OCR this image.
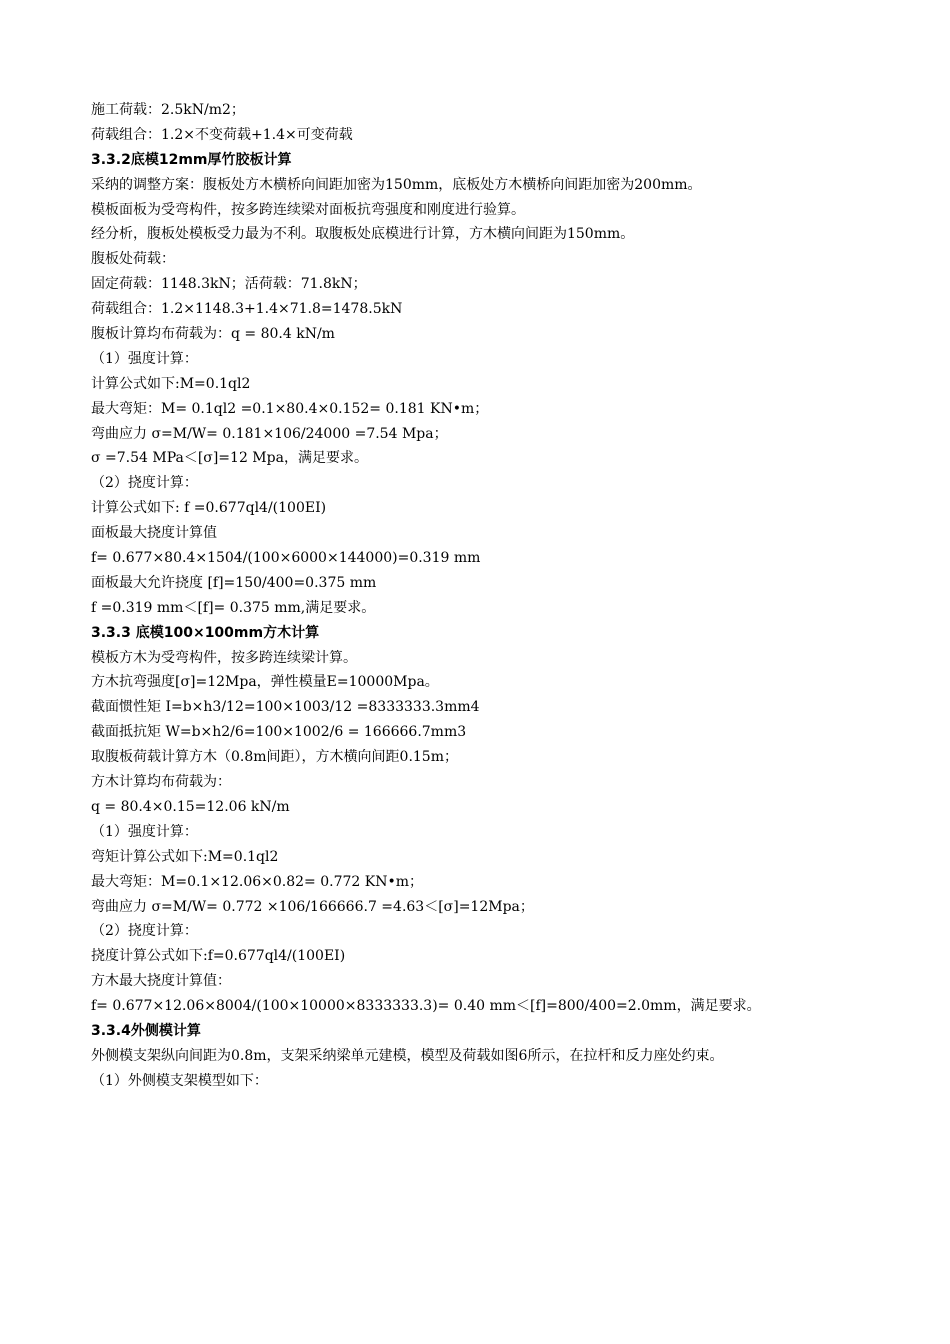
施工荷载：2.5kN/m2；
荷载组合：1.2×不变荷载+1.4×可变荷载
3.3.2底模12mm厚竹胶板计算
采纳的调整方案：腹板处方木横桥向间距加密为150mm，底板处方木横桥向间距加密为200mm。
模板面板为受弯构件，按多跨连续梁对面板抗弯强度和刚度进行验算。
经分析，腹板处模板受力最为不利。取腹板处底模进行计算，方木横向间距为150mm。
腹板处荷载：
固定荷载：1148.3kN；活荷载：71.8kN；
荷载组合：1.2×1148.3+1.4×71.8=1478.5kN
腹板计算均布荷载为：q = 80.4 kN/m
（1）强度计算：
计算公式如下:M=0.1ql2
最大弯矩：M= 0.1ql2 =0.1×80.4×0.152= 0.181 KN•m；
弯曲应力 σ=M/W= 0.181×106/24000 =7.54 Mpa；
σ =7.54 MPa＜[σ]=12 Mpa，满足要求。
（2）挠度计算：
计算公式如下: f =0.677ql4/(100EI)
面板最大挠度计算值
f= 0.677×80.4×1504/(100×6000×144000)=0.319 mm
面板最大允许挠度 [f]=150/400=0.375 mm
f =0.319 mm＜[f]= 0.375 mm,满足要求。
3.3.3 底模100×100mm方木计算
模板方木为受弯构件，按多跨连续梁计算。
方木抗弯强度[σ]=12Mpa，弹性模量E=10000Mpa。
截面惯性矩 I=b×h3/12=100×1003/12 =8333333.3mm4
截面抵抗矩 W=b×h2/6=100×1002/6 = 166666.7mm3
取腹板荷载计算方木（0.8m间距），方木横向间距0.15m；
方木计算均布荷载为：
q = 80.4×0.15=12.06 kN/m
（1）强度计算：
弯矩计算公式如下:M=0.1ql2
最大弯矩：M=0.1×12.06×0.82= 0.772 KN•m；
弯曲应力 σ=M/W= 0.772 ×106/166666.7 =4.63＜[σ]=12Mpa；
（2）挠度计算：
挠度计算公式如下:f=0.677ql4/(100EI)
方木最大挠度计算值：
f= 0.677×12.06×8004/(100×10000×8333333.3)= 0.40 mm＜[f]=800/400=2.0mm，满足要求。
3.3.4外侧模计算
外侧模支架纵向间距为0.8m，支架采纳梁单元建模，模型及荷载如图6所示，在拉杆和反力座处约束。
（1）外侧模支架模型如下：
